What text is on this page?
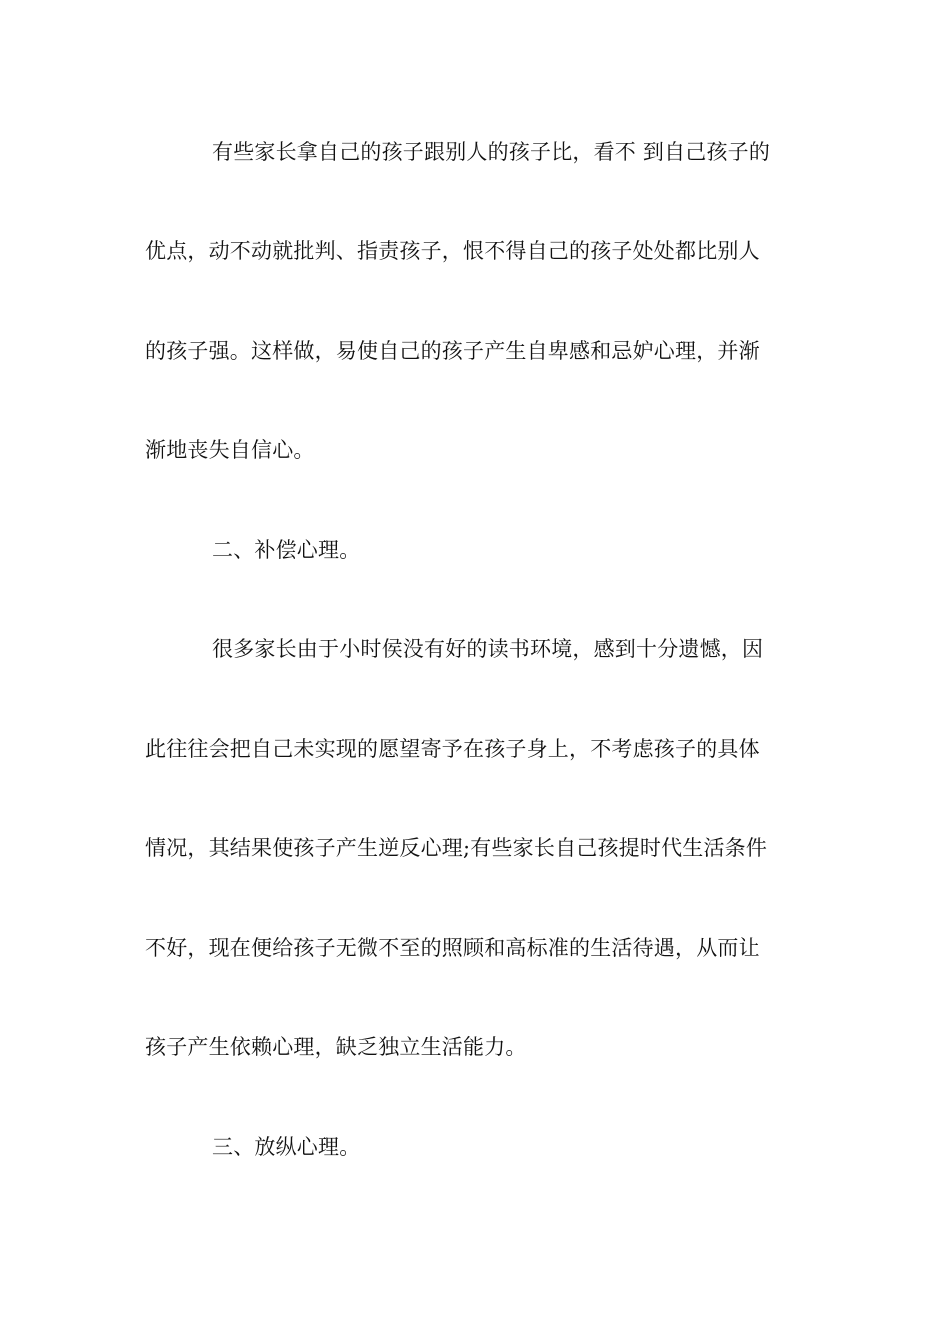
有些家长拿自己的孩子跟别人的孩子比，看不 到自己孩子的
优点，动不动就批判、指责孩子，恨不得自己的孩子处处都比别人
的孩子强。这样做，易使自己的孩子产生自卑感和忌妒心理，并渐
渐地丧失自信心。
二、补偿心理。
很多家长由于小时侯没有好的读书环境，感到十分遗憾，因
此往往会把自己未实现的愿望寄予在孩子身上，不考虑孩子的具体
情况，其结果使孩子产生逆反心理;有些家长自己孩提时代生活条件
不好，现在便给孩子无微不至的照顾和高标准的生活待遇，从而让
孩子产生依赖心理，缺乏独立生活能力。
三、放纵心理。
